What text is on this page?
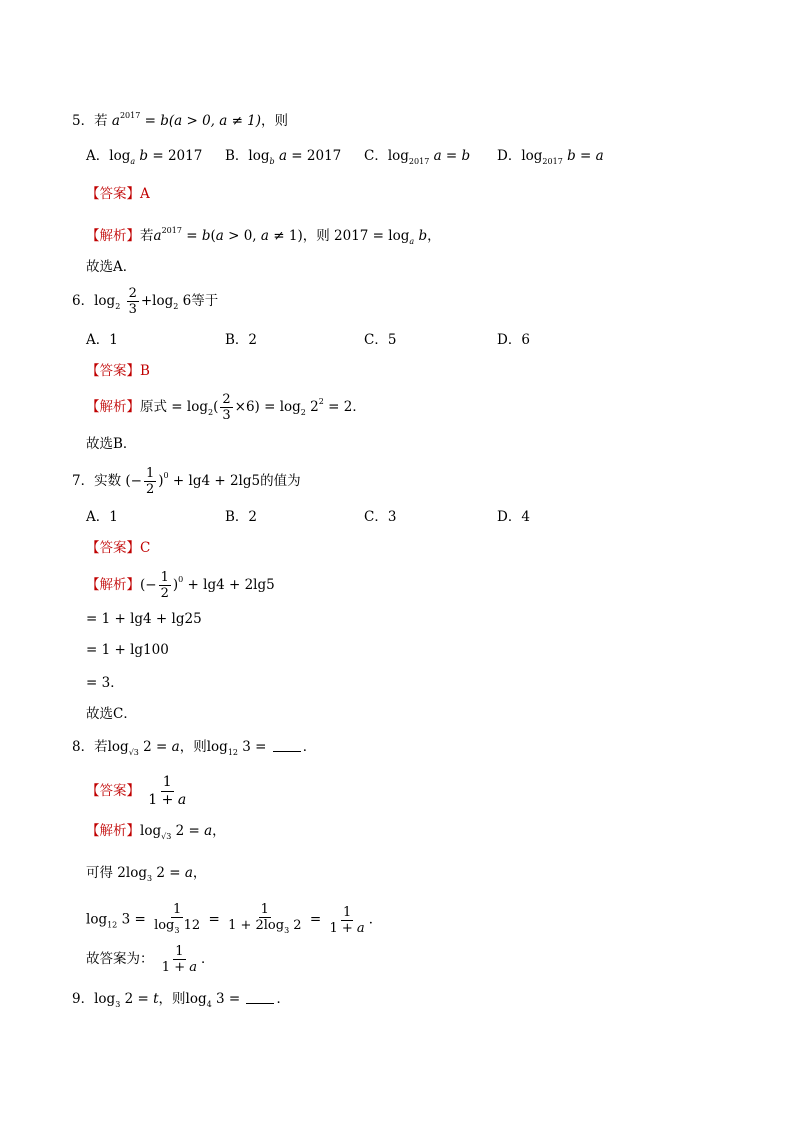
5．若 $a^{2017} = b(a > 0$, a ≠ 1)，则
A．$\log_a b = 2017$ B．$\log_b a = 2017$ C．$\log_{2017} a = b$ D．$\log_{2017} b = a$
【答案】A
【解析】若$a^{2017} = b(a > 0$, a ≠ 1)，则 $2017 = \log_a b$，
故选A．
6．$\log_2 \frac{2}{3} +\log_2$ 6等于
A．1	B．2	C．5	D．6
【答案】B
【解析】原式 = $\log_2( \frac{2}{3} \times 6) = \log_2 2^2 = 2$．
故选B．
7．实数 (− $\frac{1}{2} )^0 + \lg 4 + 2\lg 5$的值为
A．1	B．2	C．3	D．4
【答案】C
【解析】(− $\frac{1}{2} )^0 + \lg 4 + 2\lg 5$
= 1 + lg4 + lg25
= 1 + lg100
= 3．
故选C．
8．若$\log_{√3} 2 = a$，则$\log_{12} 3$ = ．
【答案】 $\frac{1}{1 + a}$
【解析】$\log_{√3} 2 = a$，
可得 $2\log_3$ 2 = a，
$\log_{12} 3 = \frac{1}{\log_3 12} = \frac{1}{1 + 2\log_3 2} = \frac{1}{1 + a}$ ．
故答案为： $\frac{1}{1 + a}$ ．
9．$\log_3 2 = t$，则$\log_4 3$ = ．
